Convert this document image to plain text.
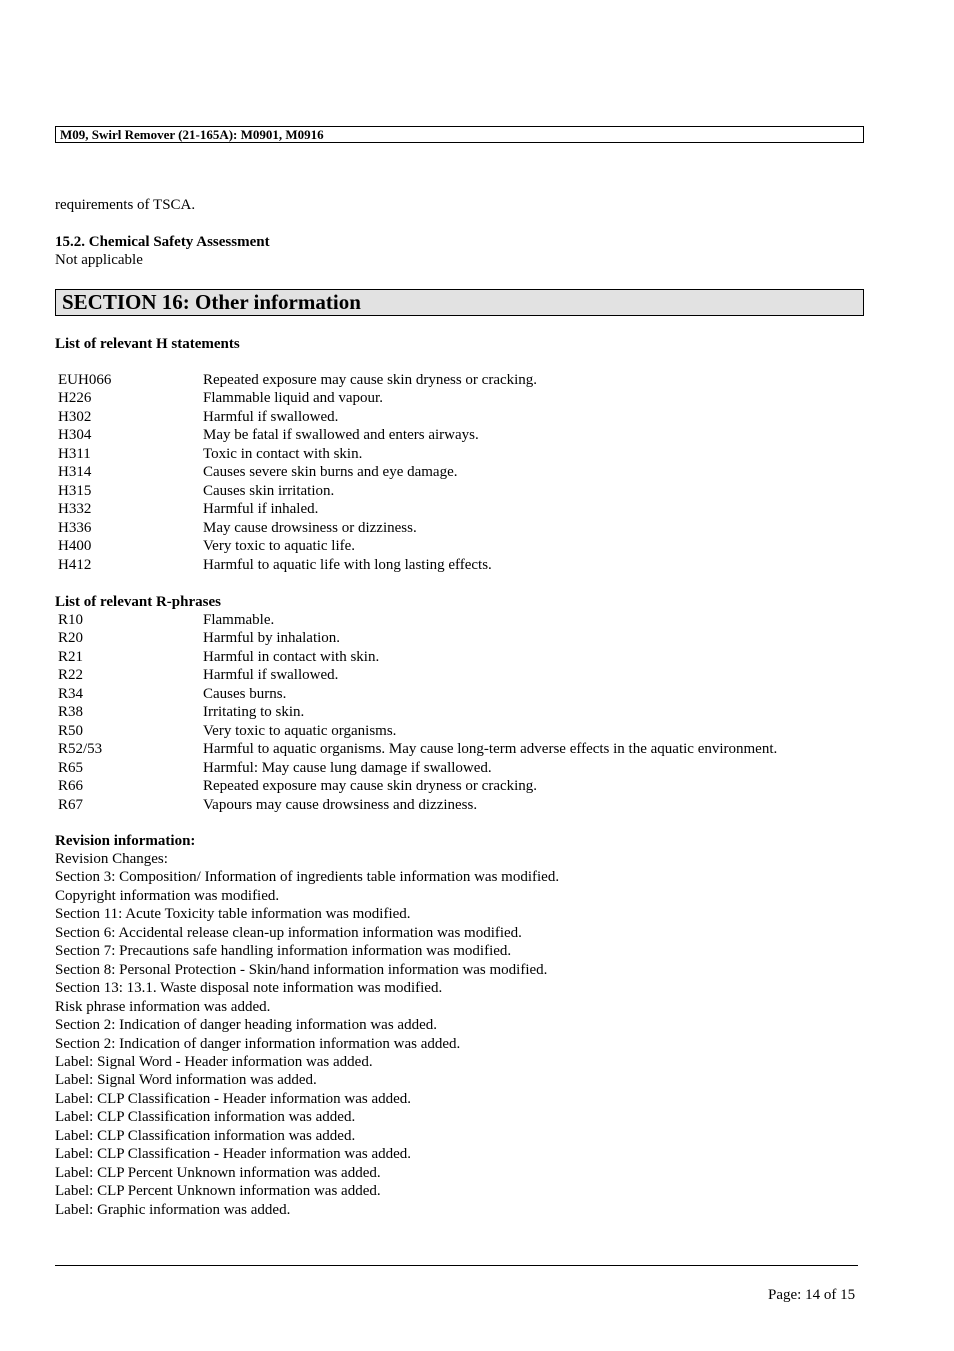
M09, Swirl Remover (21-165A): M0901, M0916
requirements of TSCA.
15.2. Chemical Safety Assessment
Not applicable
SECTION 16: Other information
List of relevant H statements
EUH066	Repeated exposure may cause skin dryness or cracking.
H226	Flammable liquid and vapour.
H302	Harmful if swallowed.
H304	May be fatal if swallowed and enters airways.
H311	Toxic in contact with skin.
H314	Causes severe skin burns and eye damage.
H315	Causes skin irritation.
H332	Harmful if inhaled.
H336	May cause drowsiness or dizziness.
H400	Very toxic to aquatic life.
H412	Harmful to aquatic life with long lasting effects.
List of relevant R-phrases
R10	Flammable.
R20	Harmful by inhalation.
R21	Harmful in contact with skin.
R22	Harmful if swallowed.
R34	Causes burns.
R38	Irritating to skin.
R50	Very toxic to aquatic organisms.
R52/53	Harmful to aquatic organisms. May cause long-term adverse effects in the aquatic environment.
R65	Harmful: May cause lung damage if swallowed.
R66	Repeated exposure may cause skin dryness or cracking.
R67	Vapours may cause drowsiness and dizziness.
Revision information:
Revision Changes:
Section 3: Composition/ Information of ingredients table information was modified.
Copyright information was modified.
Section 11: Acute Toxicity table information was modified.
Section 6: Accidental release clean-up information information was modified.
Section 7: Precautions safe handling information information was modified.
Section 8: Personal Protection - Skin/hand information information was modified.
Section 13: 13.1. Waste disposal note information was modified.
Risk phrase information was added.
Section 2: Indication of danger heading information was added.
Section 2: Indication of danger information information was added.
Label: Signal Word - Header information was added.
Label: Signal Word information was added.
Label: CLP Classification - Header information was added.
Label: CLP Classification information was added.
Label: CLP Classification information was added.
Label: CLP Classification - Header information was added.
Label: CLP Percent Unknown information was added.
Label: CLP Percent Unknown information was added.
Label: Graphic information was added.
Page: 14 of 15
